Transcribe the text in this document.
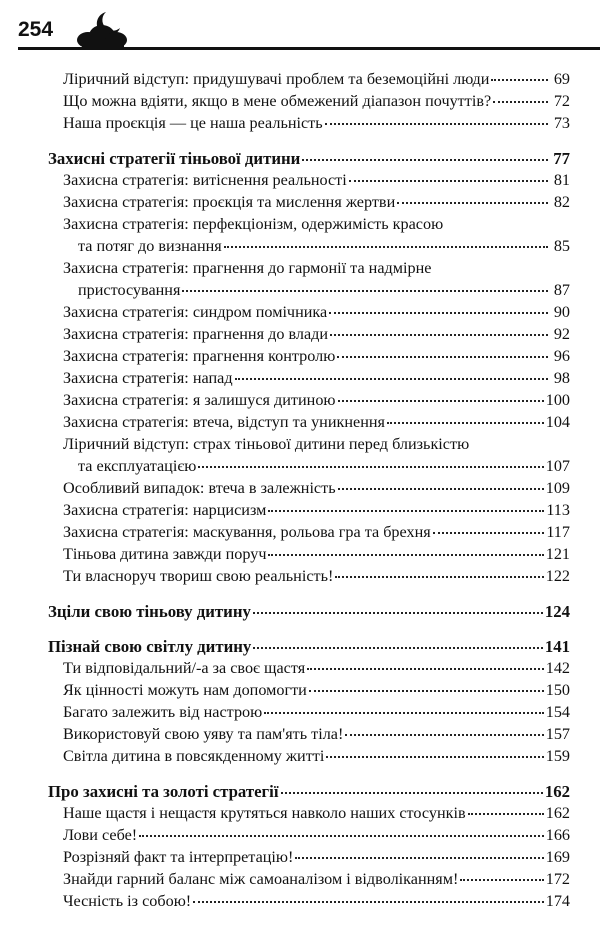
254
Ліричний відступ: придушувачі проблем та беземоційні люди	69
Що можна вдіяти, якщо в мене обмежений діапазон почуттів?	72
Наша проєкція — це наша реальність	73
Захисні стратегії тіньової дитини	77
Захисна стратегія: витіснення реальності	81
Захисна стратегія: проєкція та мислення жертви	82
Захисна стратегія: перфекціонізм, одержимість красою
та потяг до визнання	85
Захисна стратегія: прагнення до гармонії та надмірне
пристосування	87
Захисна стратегія: синдром помічника	90
Захисна стратегія: прагнення до влади	92
Захисна стратегія: прагнення контролю	96
Захисна стратегія: напад	98
Захисна стратегія: я залишуся дитиною	100
Захисна стратегія: втеча, відступ та уникнення	104
Ліричний відступ: страх тіньової дитини перед близькістю
та експлуатацією	107
Особливий випадок: втеча в залежність	109
Захисна стратегія: нарцисизм	113
Захисна стратегія: маскування, рольова гра та брехня	117
Тіньова дитина завжди поруч	121
Ти власноруч твориш свою реальність!	122
Зціли свою тіньову дитину	124
Пізнай свою світлу дитину	141
Ти відповідальний/-а за своє щастя	142
Як цінності можуть нам допомогти	150
Багато залежить від настрою	154
Використовуй свою уяву та пам'ять тіла!	157
Світла дитина в повсякденному житті	159
Про захисні та золоті стратегії	162
Наше щастя і нещастя крутяться навколо наших стосунків	162
Лови себе!	166
Розрізняй факт та інтерпретацію!	169
Знайди гарний баланс між самоаналізом і відволіканням!	172
Чесність із собою!	174
